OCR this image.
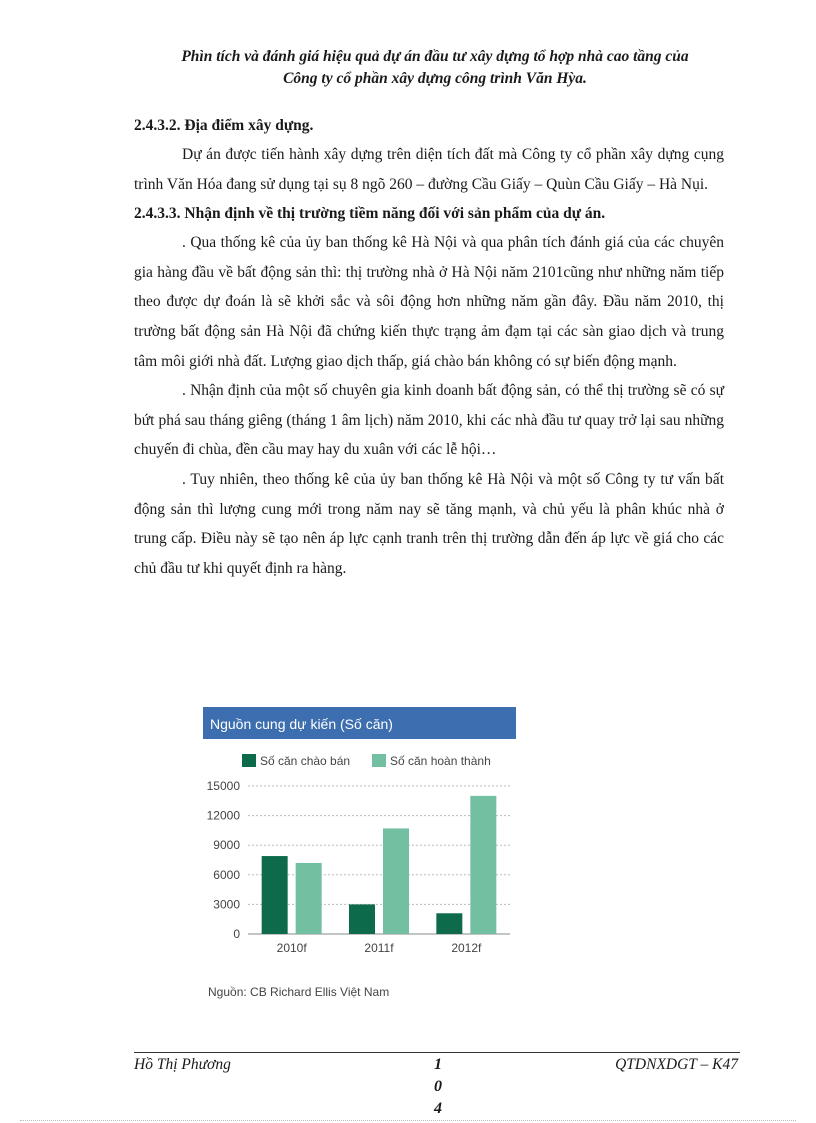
Phìn tích và đánh giá hiệu quả dự án đầu tư xây dựng tổ hợp nhà cao tầng của
Công ty cổ phần xây dựng công trình Văn Hỳa.

2.4.3.2. Địa điểm xây dựng.

Dự án được tiến hành xây dựng trên diện tích đất mà Công ty cổ phần xây dựng cụng trình Văn Hóa đang sử dụng tại sụ 8 ngõ 260 – đường Cầu Giấy – Quùn Cầu Giấy – Hà Nụi.

2.4.3.3. Nhận định về thị trường tiềm năng đối với sản phẩm của dự án.

. Qua thống kê của ủy ban thống kê Hà Nội và qua phân tích đánh giá của các chuyên gia hàng đầu về bất động sản thì: thị trường nhà ở Hà Nội năm 2101cũng như những năm tiếp theo được dự đoán là sẽ khởi sắc và sôi động hơn những năm gần đây. Đầu năm 2010, thị trường bất động sản Hà Nội đã chứng kiến thực trạng ảm đạm tại các sàn giao dịch và trung tâm môi giới nhà đất. Lượng giao dịch thấp, giá chào bán không có sự biến động mạnh.

. Nhận định của một số chuyên gia kinh doanh bất động sản, có thể thị trường sẽ có sự bứt phá sau tháng giêng (tháng 1 âm lịch) năm 2010, khi các nhà đầu tư quay trở lại sau những chuyến đi chùa, đền cầu may hay du xuân với các lễ hội…

. Tuy nhiên, theo thống kê của ủy ban thống kê Hà Nội và một số Công ty tư vấn bất động sản thì lượng cung mới trong năm nay sẽ tăng mạnh, và chủ yếu là phân khúc nhà ở trung cấp. Điều này sẽ tạo nên áp lực cạnh tranh trên thị trường dẫn đến áp lực về giá cho các chủ đầu tư khi quyết định ra hàng.

Nguồn cung dự kiến (Số căn)
Số căn chào bán	Số căn hoàn thành
0
3000
6000
9000
12000
15000
2010f	2011f	2012f
Nguồn: CB Richard Ellis Việt Nam
Hồ Thị Phương	1
0
4
QTDNXDGT – K47
